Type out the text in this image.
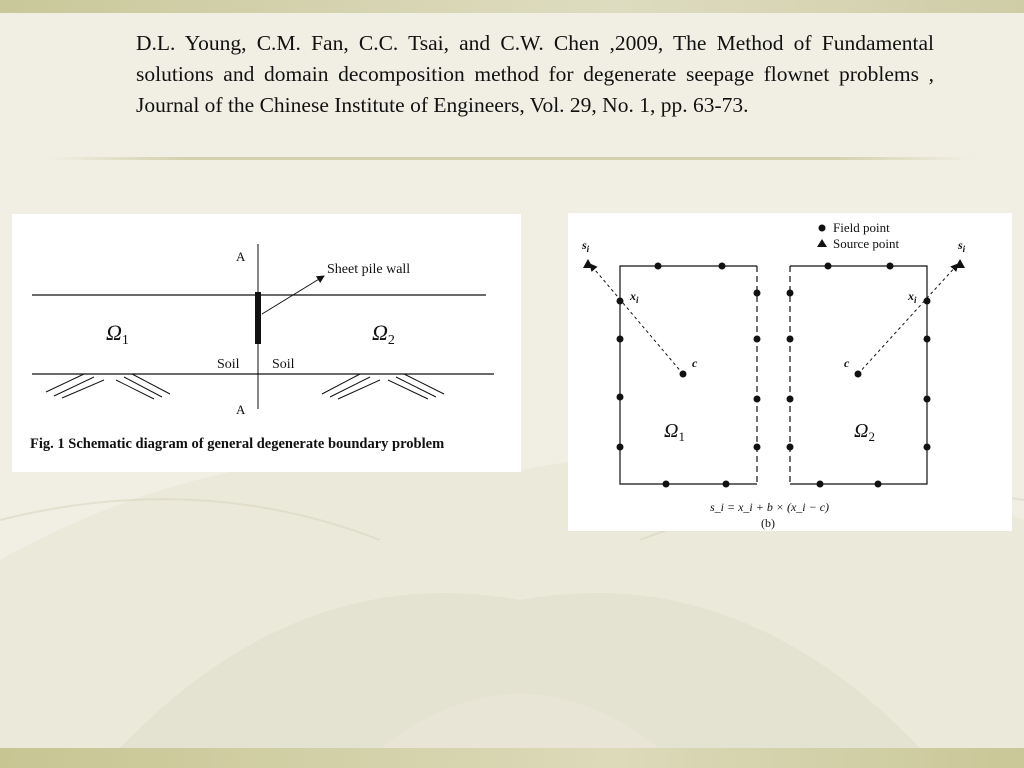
D.L. Young, C.M. Fan, C.C. Tsai, and C.W. Chen ,2009, The Method of Fundamental solutions and domain decomposition method for degenerate seepage flownet problems , Journal of the Chinese Institute of Engineers, Vol. 29, No. 1, pp. 63-73.
A
A
Sheet pile wall
Ω1	Ω2
Soil Soil
Fig. 1 Schematic diagram of general degenerate boundary problem
Field point
Source point
$s_i$	$s_i$
$x_i$	$x_i$
c	c
$\Omega_1$	$\Omega_2$
s_i = x_i + b × (x_i − c)
(b)
